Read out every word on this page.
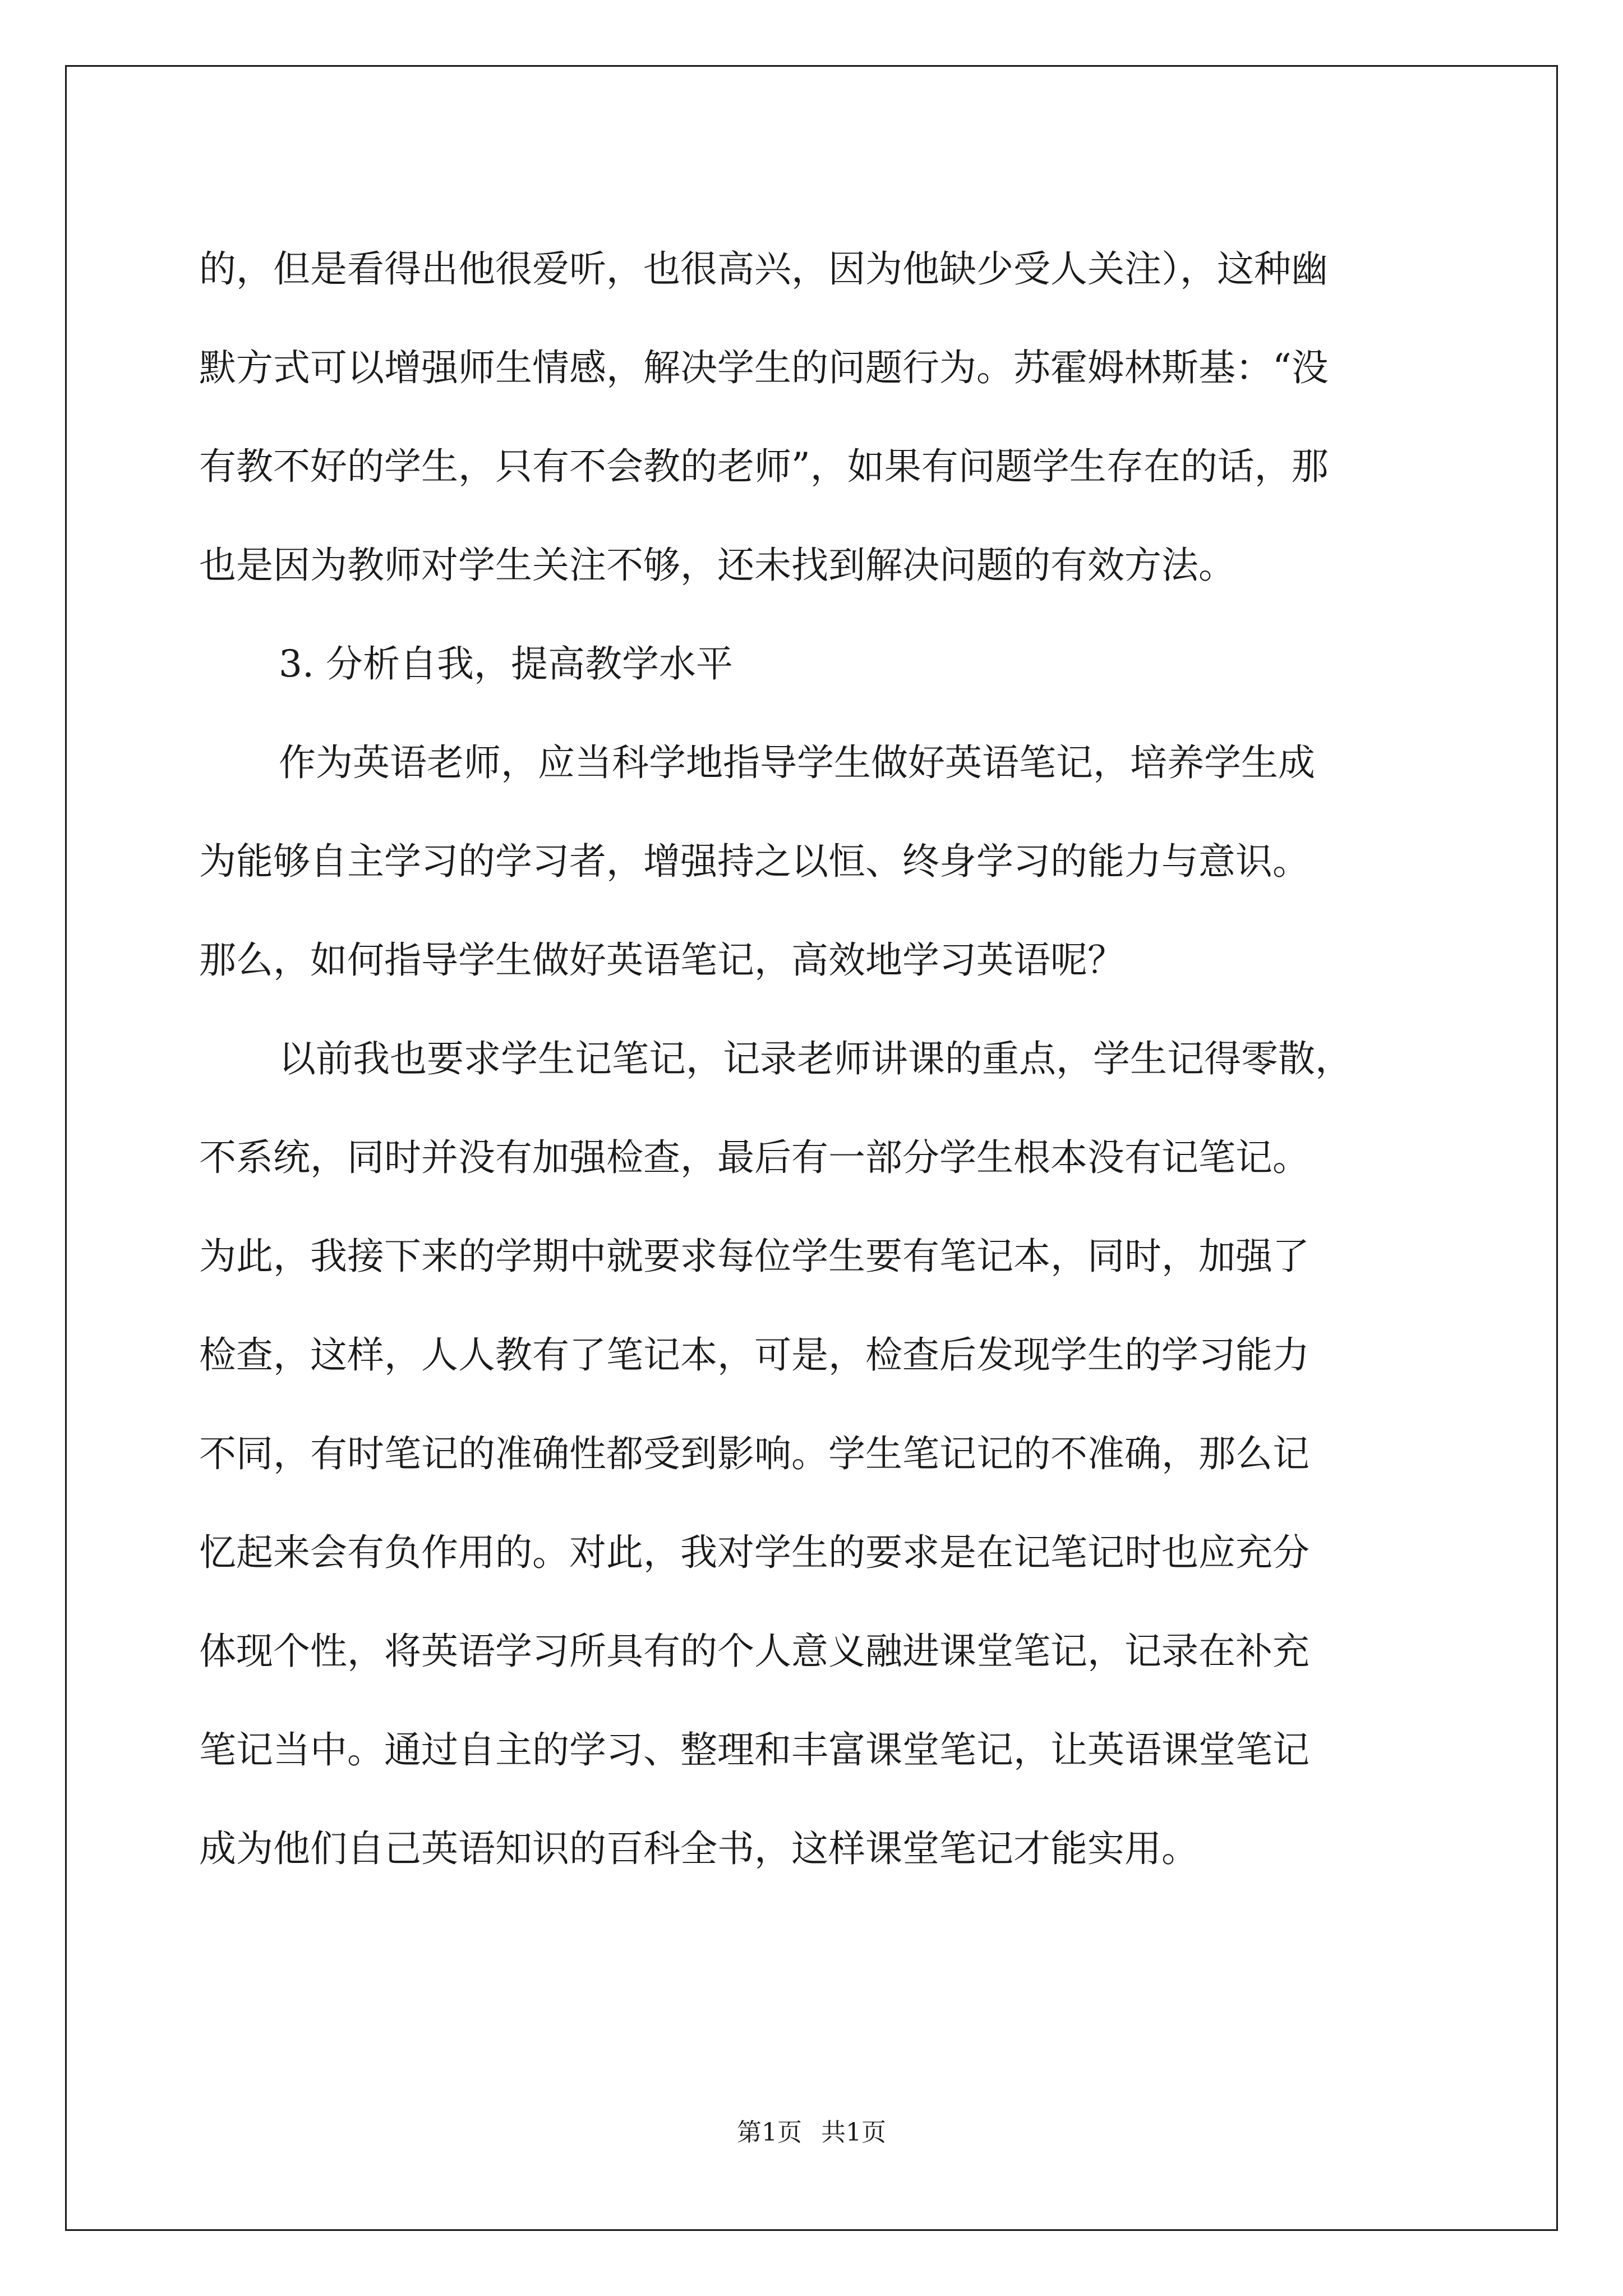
的，但是看得出他很爱听，也很高兴，因为他缺少受人关注），这种幽
默方式可以增强师生情感，解决学生的问题行为。苏霍姆林斯基：“没
有教不好的学生，只有不会教的老师”，如果有问题学生存在的话，那
也是因为教师对学生关注不够，还未找到解决问题的有效方法。

3. 分析自我，提高教学水平

作为英语老师，应当科学地指导学生做好英语笔记，培养学生成
为能够自主学习的学习者，增强持之以恒、终身学习的能力与意识。
那么，如何指导学生做好英语笔记，高效地学习英语呢？

以前我也要求学生记笔记，记录老师讲课的重点，学生记得零散，
不系统，同时并没有加强检查，最后有一部分学生根本没有记笔记。
为此，我接下来的学期中就要求每位学生要有笔记本，同时，加强了
检查，这样，人人教有了笔记本，可是，检查后发现学生的学习能力
不同，有时笔记的准确性都受到影响。学生笔记记的不准确，那么记
忆起来会有负作用的。对此，我对学生的要求是在记笔记时也应充分
体现个性，将英语学习所具有的个人意义融进课堂笔记，记录在补充
笔记当中。通过自主的学习、整理和丰富课堂笔记，让英语课堂笔记
成为他们自己英语知识的百科全书，这样课堂笔记才能实用。

第1页 共1页
